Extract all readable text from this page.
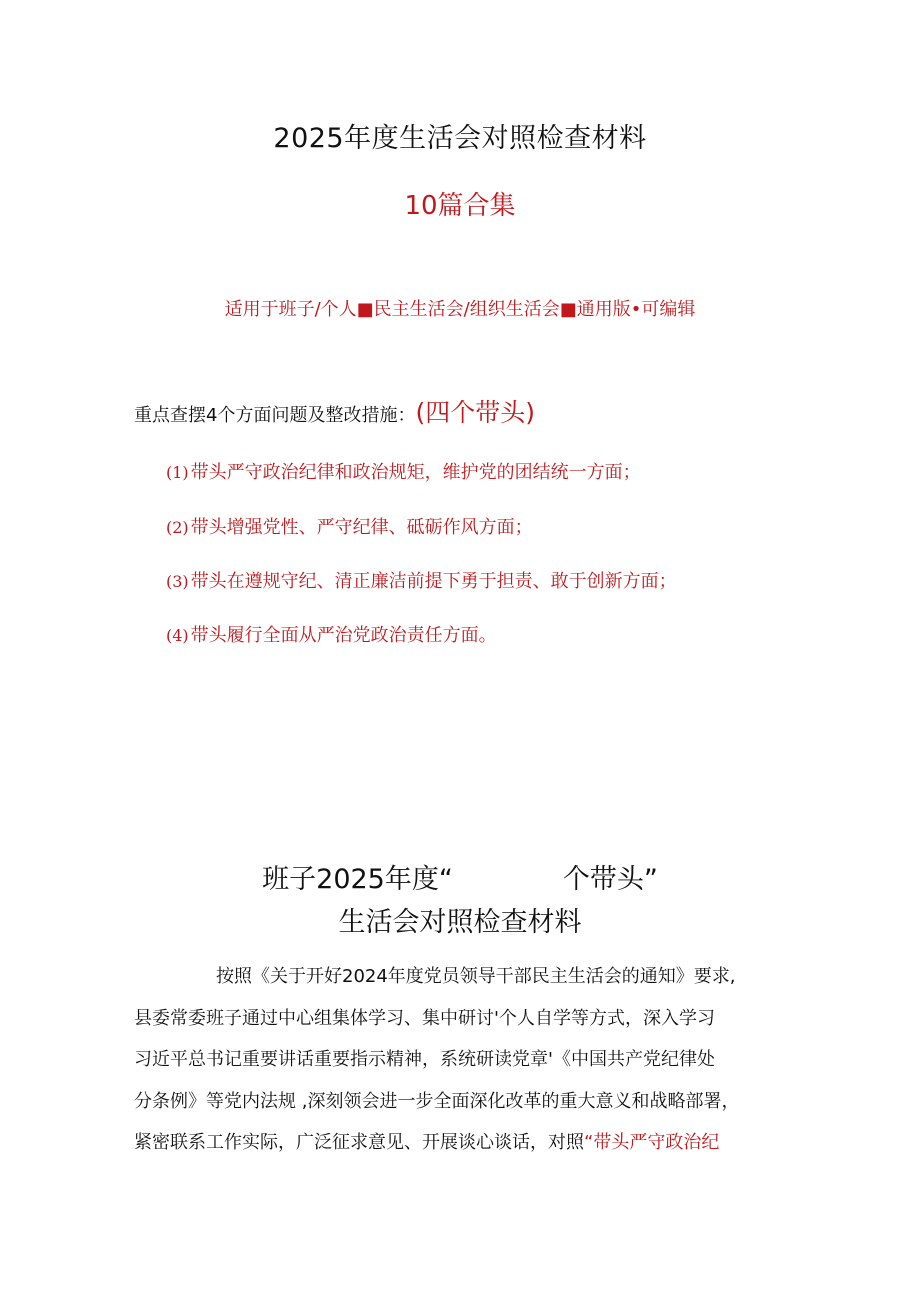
2025年度生活会对照检查材料
10篇合集
适用于班子/个人■民主生活会/组织生活会■通用版•可编辑
重点查摆4个方面问题及整改措施：(四个带头)
(1) 带头严守政治纪律和政治规矩，维护党的团结统一方面；
(2) 带头增强党性、严守纪律、砥砺作风方面；
(3) 带头在遵规守纪、清正廉洁前提下勇于担责、敢于创新方面；
(4) 带头履行全面从严治党政治责任方面。
班子2025年度“	个带头”
生活会对照检查材料
按照《关于开好2024年度党员领导干部民主生活会的通知》要求,
县委常委班子通过中心组集体学习、集中研讨'个人自学等方式，深入学习
习近平总书记重要讲话重要指示精神，系统研读党章'《中国共产党纪律处
分条例》等党内法规 ,深刻领会进一步全面深化改革的重大意义和战略部署，
紧密联系工作实际，广泛征求意见、开展谈心谈话，对照“带头严守政治纪
